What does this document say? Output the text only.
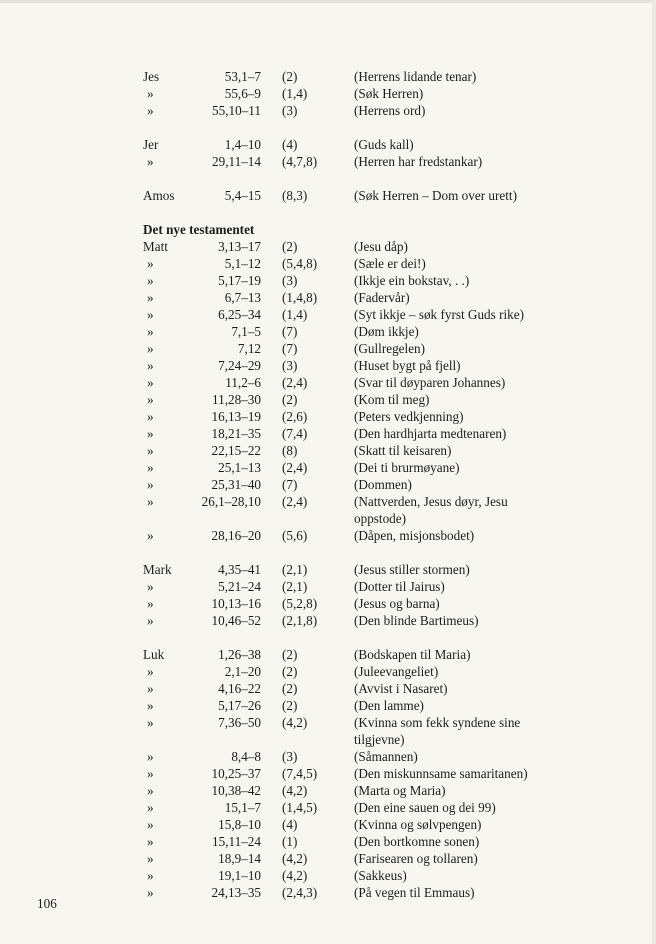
Jes	53,1–7 (2)	(Herrens lidande tenar)
»	55,6–9 (1,4)	(Søk Herren)
»	55,10–11 (3)	(Herrens ord)
Jer	1,4–10 (4)	(Guds kall)
»	29,11–14 (4,7,8)	(Herren har fredstankar)
Amos	5,4–15 (8,3)	(Søk Herren – Dom over urett)
Det nye testamentet
Matt	3,13–17 (2)	(Jesu dåp)
»	5,1–12 (5,4,8)	(Sæle er dei!)
»	5,17–19 (3)	(Ikkje ein bokstav, . .)
»	6,7–13 (1,4,8)	(Fadervår)
»	6,25–34 (1,4)	(Syt ikkje – søk fyrst Guds rike)
»	7,1–5 (7)	(Døm ikkje)
»	7,12 (7)	(Gullregelen)
»	7,24–29 (3)	(Huset bygt på fjell)
»	11,2–6 (2,4)	(Svar til døyparen Johannes)
»	11,28–30 (2)	(Kom til meg)
»	16,13–19 (2,6)	(Peters vedkjenning)
»	18,21–35 (7,4)	(Den hardhjarta medtenaren)
»	22,15–22 (8)	(Skatt til keisaren)
»	25,1–13 (2,4)	(Dei ti brurmøyane)
»	25,31–40 (7)	(Dommen)
»	26,1–28,10 (2,4)	(Nattverden, Jesus døyr, Jesu oppstode)
»	28,16–20 (5,6)	(Dåpen, misjonsbodet)
Mark	4,35–41 (2,1)	(Jesus stiller stormen)
»	5,21–24 (2,1)	(Dotter til Jairus)
»	10,13–16 (5,2,8)	(Jesus og barna)
»	10,46–52 (2,1,8)	(Den blinde Bartimeus)
Luk	1,26–38 (2)	(Bodskapen til Maria)
»	2,1–20 (2)	(Juleevangeliet)
»	4,16–22 (2)	(Avvist i Nasaret)
»	5,17–26 (2)	(Den lamme)
»	7,36–50 (4,2)	(Kvinna som fekk syndene sine tilgjevne)
»	8,4–8 (3)	(Såmannen)
»	10,25–37 (7,4,5)	(Den miskunnsame samaritanen)
»	10,38–42 (4,2)	(Marta og Maria)
»	15,1–7 (1,4,5)	(Den eine sauen og dei 99)
»	15,8–10 (4)	(Kvinna og sølvpengen)
»	15,11–24 (1)	(Den bortkomne sonen)
»	18,9–14 (4,2)	(Farisearen og tollaren)
»	19,1–10 (4,2)	(Sakkeus)
»	24,13–35 (2,4,3)	(På vegen til Emmaus)
106
